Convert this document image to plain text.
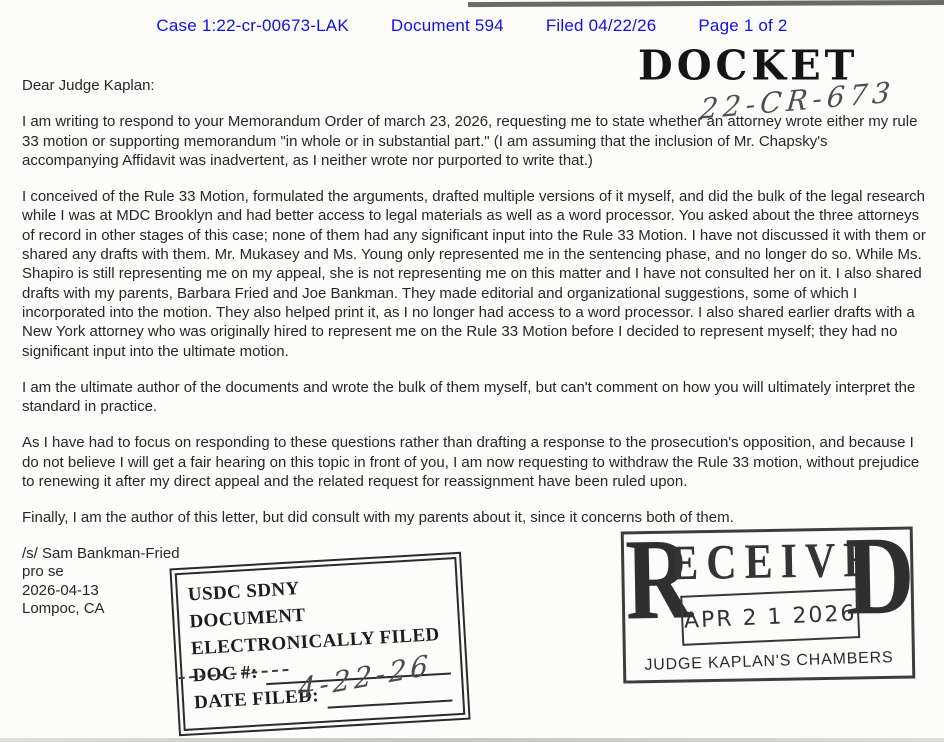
Case 1:22-cr-00673-LAK Document 594 Filed 04/22/26 Page 1 of 2
DOCKET
22-CR-673
Dear Judge Kaplan:

I am writing to respond to your Memorandum Order of march 23, 2026, requesting me to state whether an attorney wrote either my rule 33 motion or supporting memorandum "in whole or in substantial part." (I am assuming that the inclusion of Mr. Chapsky's accompanying Affidavit was inadvertent, as I neither wrote nor purported to write that.)

I conceived of the Rule 33 Motion, formulated the arguments, drafted multiple versions of it myself, and did the bulk of the legal research while I was at MDC Brooklyn and had better access to legal materials as well as a word processor. You asked about the three attorneys of record in other stages of this case; none of them had any significant input into the Rule 33 Motion. I have not discussed it with them or shared any drafts with them. Mr. Mukasey and Ms. Young only represented me in the sentencing phase, and no longer do so. While Ms. Shapiro is still representing me on my appeal, she is not representing me on this matter and I have not consulted her on it. I also shared drafts with my parents, Barbara Fried and Joe Bankman. They made editorial and organizational suggestions, some of which I incorporated into the motion. They also helped print it, as I no longer had access to a word processor. I also shared earlier drafts with a New York attorney who was originally hired to represent me on the Rule 33 Motion before I decided to represent myself; they had no significant input into the ultimate motion.

I am the ultimate author of the documents and wrote the bulk of them myself, but can't comment on how you will ultimately interpret the standard in practice.

As I have had to focus on responding to these questions rather than drafting a response to the prosecution's opposition, and because I do not believe I will get a fair hearing on this topic in front of you, I am now requesting to withdraw the Rule 33 motion, without prejudice to renewing it after my direct appeal and the related request for reassignment have been ruled upon.

Finally, I am the author of this letter, but did consult with my parents about it, since it concerns both of them.

/s/ Sam Bankman-Fried
pro se
2026-04-13
Lompoc, CA
USDC SDNY
DOCUMENT
ELECTRONICALLY FILED
DOC #:
DATE FILED:
4-22-26
R
ECEIVE
D
APR 2 1 2026
JUDGE KAPLAN'S CHAMBERS
